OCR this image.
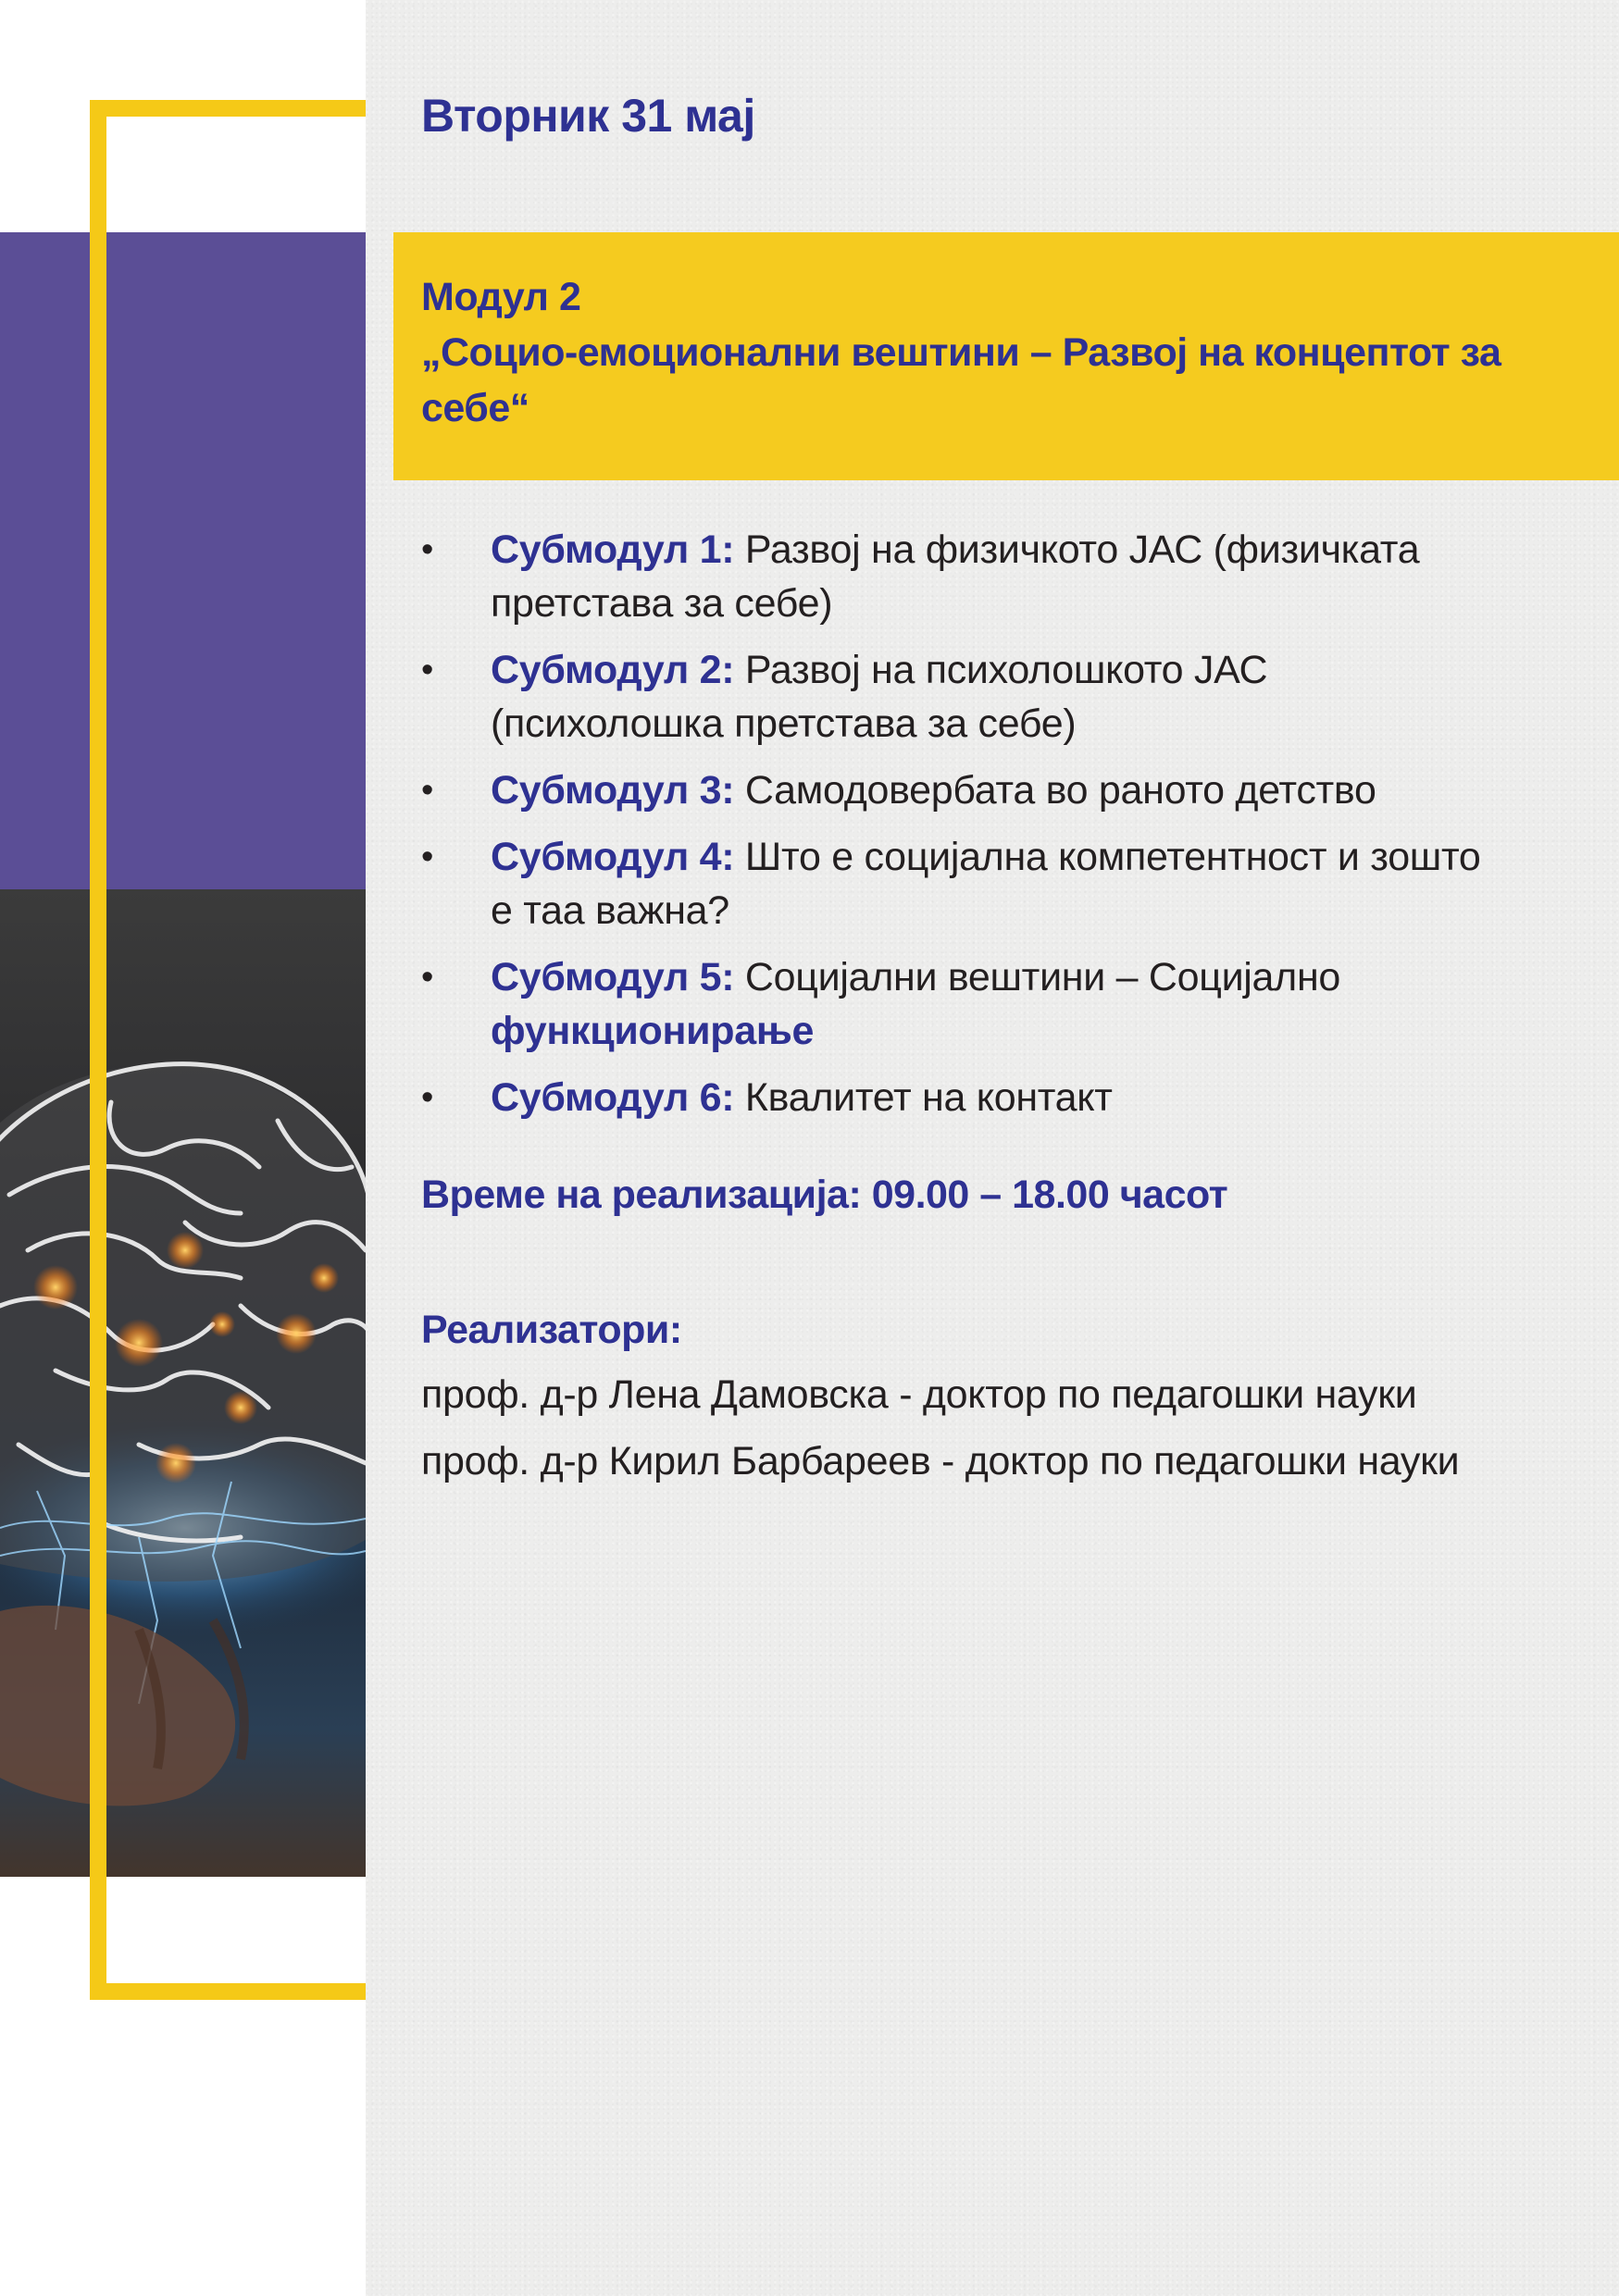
Вторник 31 мај

Модул 2

„Социо-емоционални вештини – Развој на концептот за себе“

• Субмодул 1: Развој на физичкото ЈАС (физичката претстава за себе)
• Субмодул 2: Развој на психолошкото ЈАС (психолошка претстава за себе)
• Субмодул 3: Самодовербата во раното детство
• Субмодул 4: Што е социјална компетентност и зошто е таа важна?
• Субмодул 5: Социјални вештини – Социјално функционирање
• Субмодул 6: Квалитет на контакт

Време на реализација: 09.00 – 18.00 часот

Реализатори:

проф. д-р Лена Дамовска - доктор по педагошки науки
проф. д-р Кирил Барбареев - доктор по педагошки науки
